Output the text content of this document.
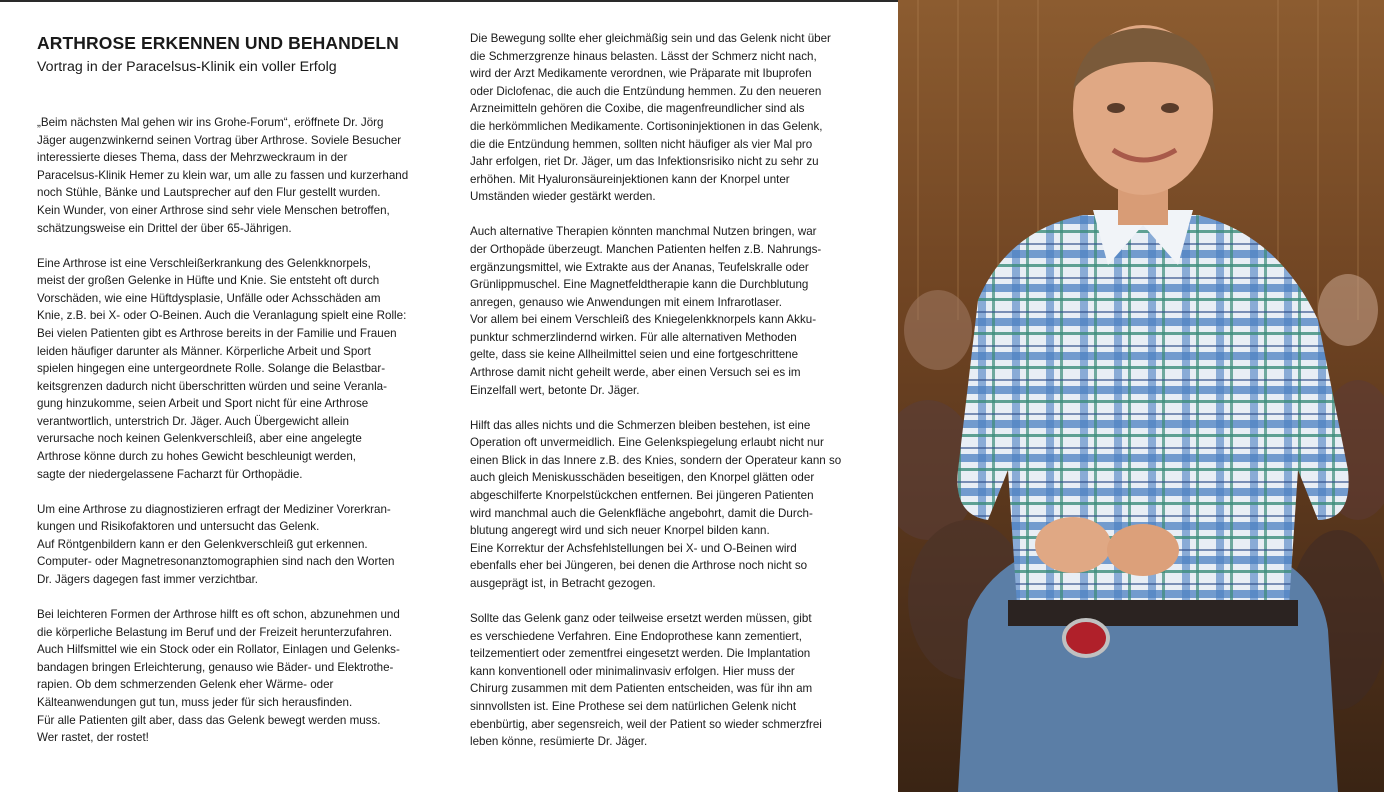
ARTHROSE ERKENNEN UND BEHANDELN
Vortrag in der Paracelsus-Klinik ein voller Erfolg

„Beim nächsten Mal gehen wir ins Grohe-Forum“, eröffnete Dr. Jörg
Jäger augenzwinkernd seinen Vortrag über Arthrose. Soviele Besucher
interessierte dieses Thema, dass der Mehrzweckraum in der
Paracelsus-Klinik Hemer zu klein war, um alle zu fassen und kurzerhand
noch Stühle, Bänke und Lautsprecher auf den Flur gestellt wurden.
Kein Wunder, von einer Arthrose sind sehr viele Menschen betroffen,
schätzungsweise ein Drittel der über 65-Jährigen.

Eine Arthrose ist eine Verschleißerkrankung des Gelenkknorpels,
meist der großen Gelenke in Hüfte und Knie. Sie entsteht oft durch
Vorschäden, wie eine Hüftdysplasie, Unfälle oder Achsschäden am
Knie, z.B. bei X- oder O-Beinen. Auch die Veranlagung spielt eine Rolle:
Bei vielen Patienten gibt es Arthrose bereits in der Familie und Frauen
leiden häufiger darunter als Männer. Körperliche Arbeit und Sport
spielen hingegen eine untergeordnete Rolle. Solange die Belastbar-
keitsgrenzen dadurch nicht überschritten würden und seine Veranla-
gung hinzukomme, seien Arbeit und Sport nicht für eine Arthrose
verantwortlich, unterstrich Dr. Jäger. Auch Übergewicht allein
verursache noch keinen Gelenkverschleiß, aber eine angelegte
Arthrose könne durch zu hohes Gewicht beschleunigt werden,
sagte der niedergelassene Facharzt für Orthopädie.

Um eine Arthrose zu diagnostizieren erfragt der Mediziner Vorerkran-
kungen und Risikofaktoren und untersucht das Gelenk.
Auf Röntgenbildern kann er den Gelenkverschleiß gut erkennen.
Computer- oder Magnetresonanztomographien sind nach den Worten
Dr. Jägers dagegen fast immer verzichtbar.

Bei leichteren Formen der Arthrose hilft es oft schon, abzunehmen und
die körperliche Belastung im Beruf und der Freizeit herunterzufahren.
Auch Hilfsmittel wie ein Stock oder ein Rollator, Einlagen und Gelenks-
bandagen bringen Erleichterung, genauso wie Bäder- und Elektrothe-
rapien. Ob dem schmerzenden Gelenk eher Wärme- oder
Kälteanwendungen gut tun, muss jeder für sich herausfinden.
Für alle Patienten gilt aber, dass das Gelenk bewegt werden muss.
Wer rastet, der rostet!

Die Bewegung sollte eher gleichmäßig sein und das Gelenk nicht über
die Schmerzgrenze hinaus belasten. Lässt der Schmerz nicht nach,
wird der Arzt Medikamente verordnen, wie Präparate mit Ibuprofen
oder Diclofenac, die auch die Entzündung hemmen. Zu den neueren
Arzneimitteln gehören die Coxibe, die magenfreundlicher sind als
die herkömmlichen Medikamente. Cortisoninjektionen in das Gelenk,
die die Entzündung hemmen, sollten nicht häufiger als vier Mal pro
Jahr erfolgen, riet Dr. Jäger, um das Infektionsrisiko nicht zu sehr zu
erhöhen. Mit Hyaluronsäureinjektionen kann der Knorpel unter
Umständen wieder gestärkt werden.

Auch alternative Therapien könnten manchmal Nutzen bringen, war
der Orthopäde überzeugt. Manchen Patienten helfen z.B. Nahrungs-
ergänzungsmittel, wie Extrakte aus der Ananas, Teufelskralle oder
Grünlippmuschel. Eine Magnetfeldtherapie kann die Durchblutung
anregen, genauso wie Anwendungen mit einem Infrarotlaser.
Vor allem bei einem Verschleiß des Kniegelenkknorpels kann Akku-
punktur schmerzlindernd wirken. Für alle alternativen Methoden
gelte, dass sie keine Allheilmittel seien und eine fortgeschrittene
Arthrose damit nicht geheilt werde, aber einen Versuch sei es im
Einzelfall wert, betonte Dr. Jäger.

Hilft das alles nichts und die Schmerzen bleiben bestehen, ist eine
Operation oft unvermeidlich. Eine Gelenkspiegelung erlaubt nicht nur
einen Blick in das Innere z.B. des Knies, sondern der Operateur kann so
auch gleich Meniskusschäden beseitigen, den Knorpel glätten oder
abgeschilferte Knorpelstückchen entfernen. Bei jüngeren Patienten
wird manchmal auch die Gelenkfläche angebohrt, damit die Durch-
blutung angeregt wird und sich neuer Knorpel bilden kann.
Eine Korrektur der Achsfehlstellungen bei X- und O-Beinen wird
ebenfalls eher bei Jüngeren, bei denen die Arthrose noch nicht so
ausgeprägt ist, in Betracht gezogen.

Sollte das Gelenk ganz oder teilweise ersetzt werden müssen, gibt
es verschiedene Verfahren. Eine Endoprothese kann zementiert,
teilzementiert oder zementfrei eingesetzt werden. Die Implantation
kann konventionell oder minimalinvasiv erfolgen. Hier muss der
Chirurg zusammen mit dem Patienten entscheiden, was für ihn am
sinnvollsten ist. Eine Prothese sei dem natürlichen Gelenk nicht
ebenbürtig, aber segensreich, weil der Patient so wieder schmerzfrei
leben könne, resümierte Dr. Jäger.
